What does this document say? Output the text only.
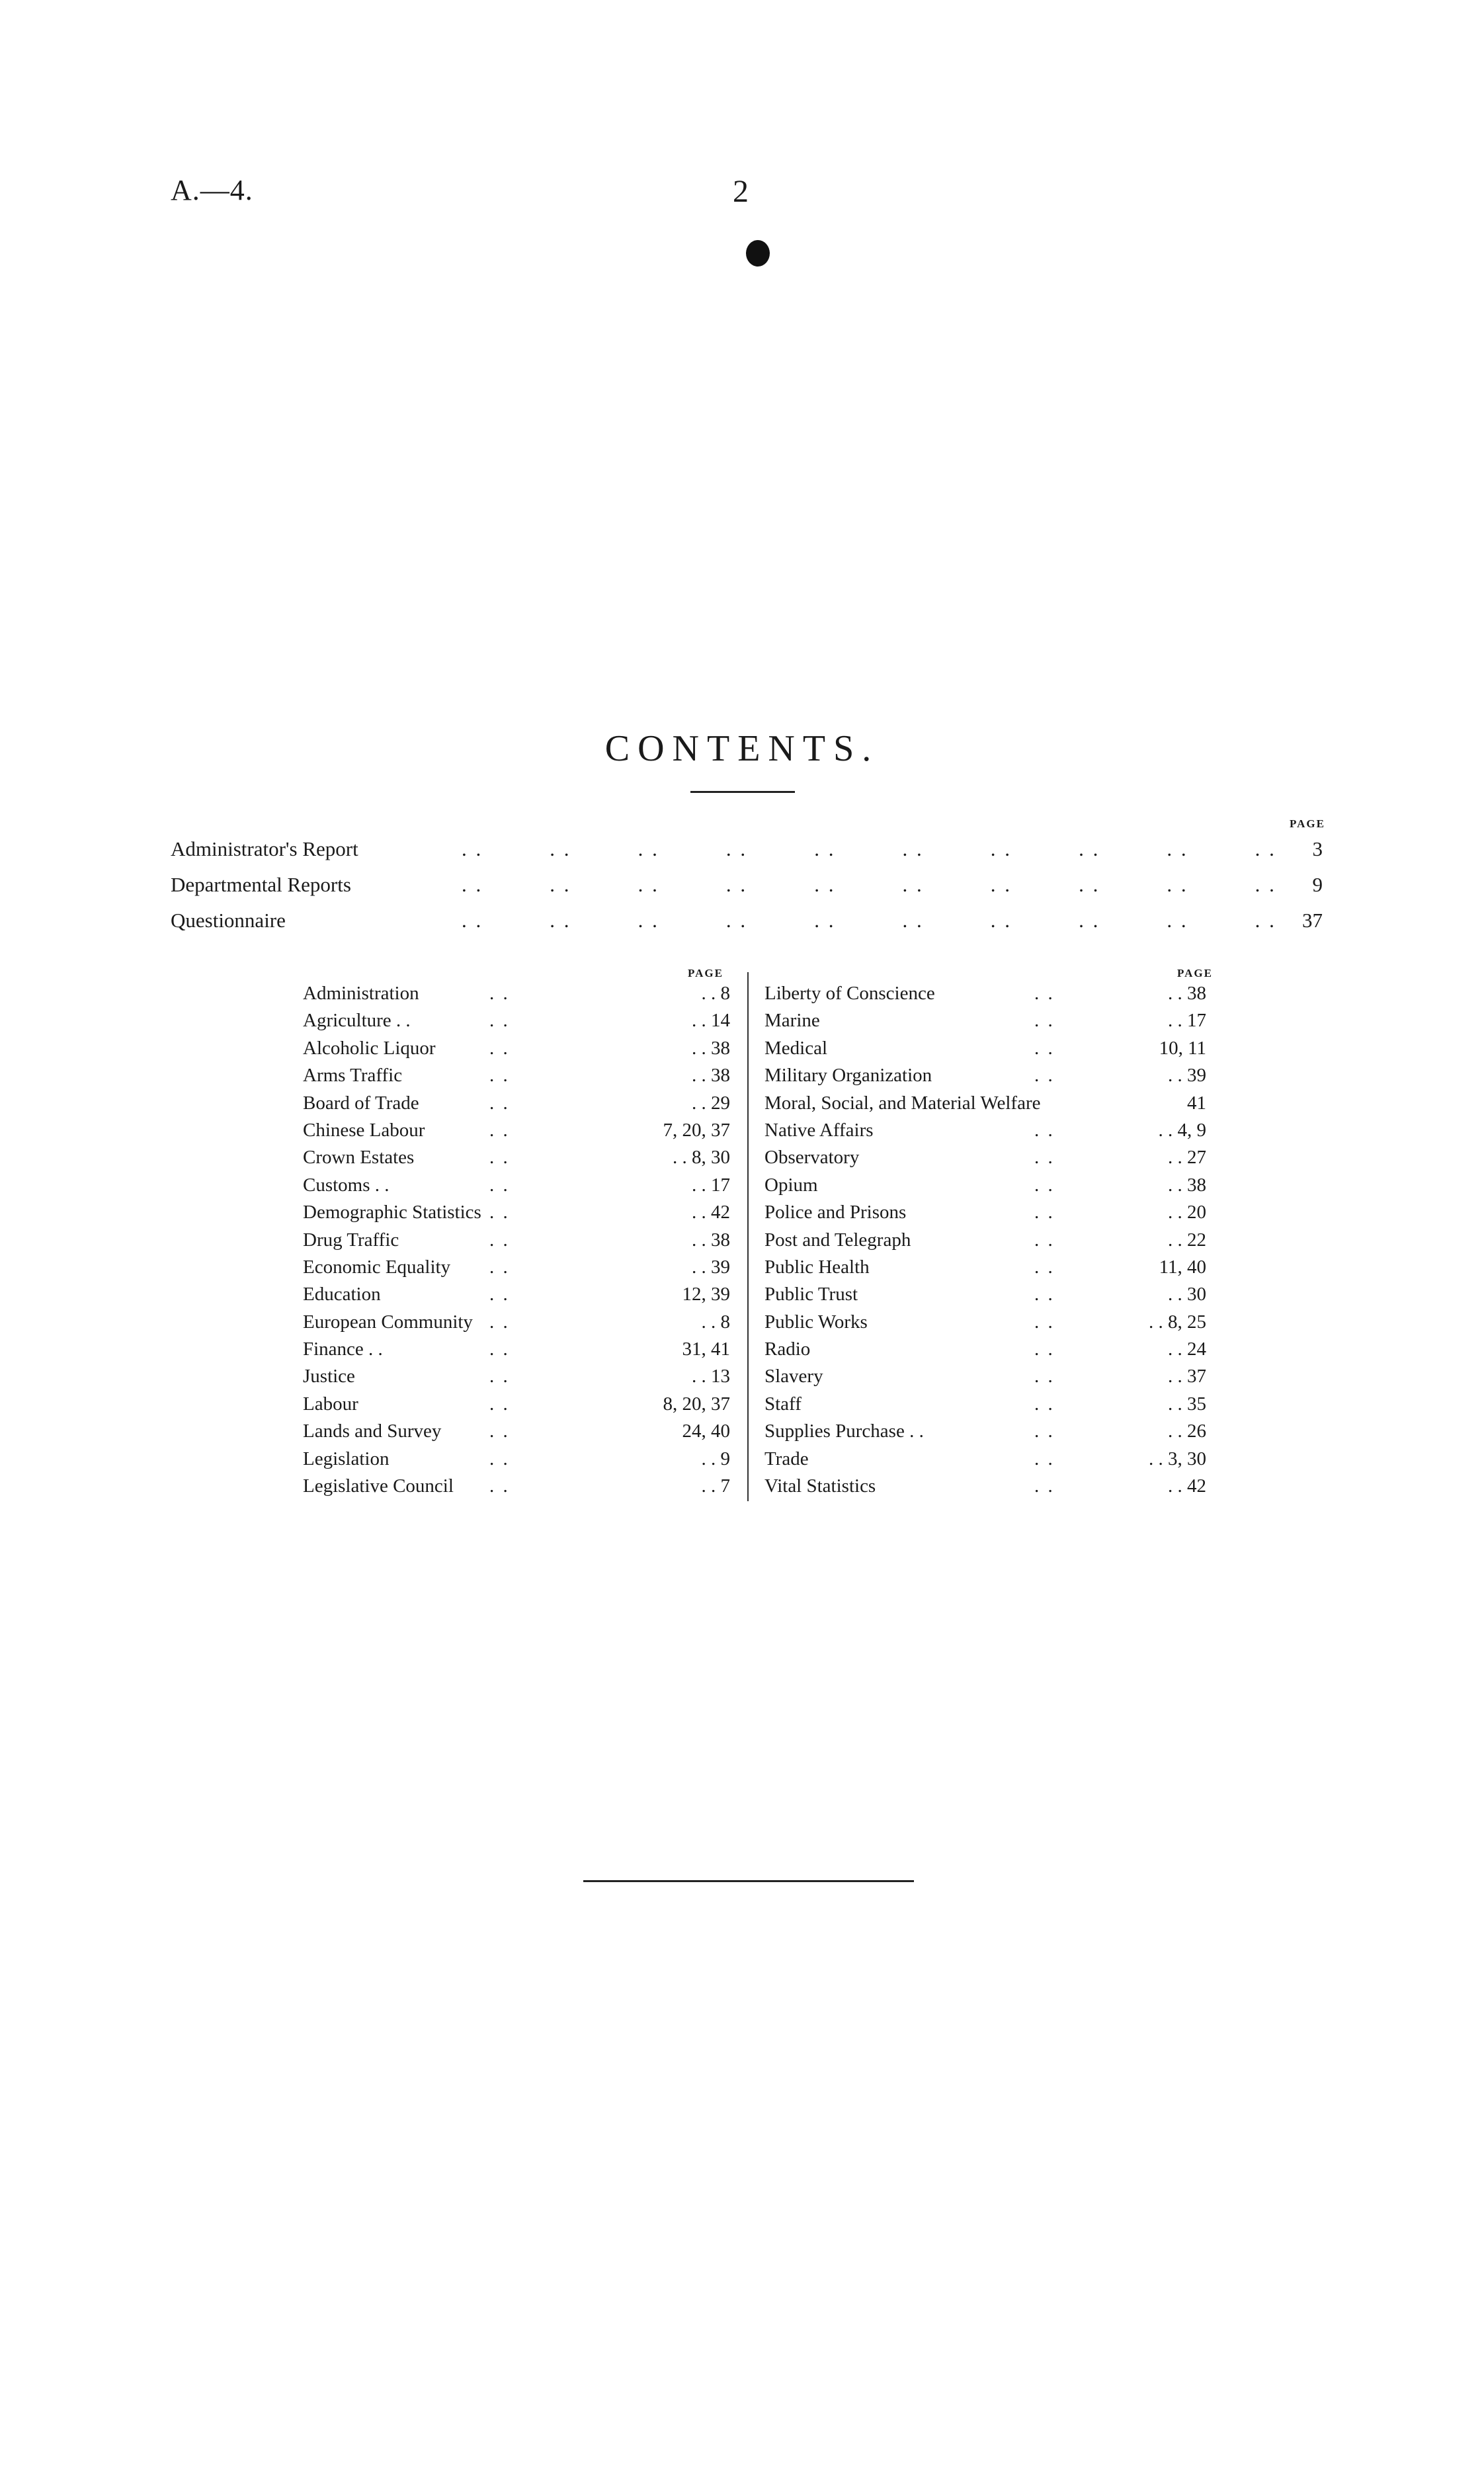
A.—4.	2
CONTENTS.
PAGE
Administrator's Report	. .	. .	. .	. .	. .	. .	. .	. .	. .	. . 3
Departmental Reports	. .	. .	. .	. .	. .	. .	. .	. .	. .	. . 9
Questionnaire	. .	. .	. .	. .	. .	. .	. .	. .	. .	. . 37
PAGE	PAGE
Administration	. .	. . 8
Agriculture . .	. .	. . 14
Alcoholic Liquor	. .	. . 38
Arms Traffic	. .	. . 38
Board of Trade	. .	. . 29
Chinese Labour	. .	7, 20, 37
Crown Estates	. .	. . 8, 30
Customs . .	. .	. . 17
Demographic Statistics . .	. . 42
Drug Traffic	. .	. . 38
Economic Equality . .	. . 39
Education	. .	12, 39
European Community . .	. . 8
Finance . .	. .	31, 41
Justice	. .	. . 13
Labour	. .	8, 20, 37
Lands and Survey	. .	24, 40
Legislation	. .	. . 9
Legislative Council . .	. . 7
Liberty of Conscience	. .	. . 38
Marine	. .	. . 17
Medical	. .	10, 11
Military Organization	. .	. . 39
Moral, Social, and Material Welfare	41
Native Affairs	. .	. . 4, 9
Observatory	. .	. . 27
Opium	. .	. . 38
Police and Prisons	. .	. . 20
Post and Telegraph	. .	. . 22
Public Health	. .	11, 40
Public Trust	. .	. . 30
Public Works	. .	. . 8, 25
Radio	. .	. . 24
Slavery	. .	. . 37
Staff	. .	. . 35
Supplies Purchase . .	. .	. . 26
Trade	. .	. . 3, 30
Vital Statistics	. .	. . 42
